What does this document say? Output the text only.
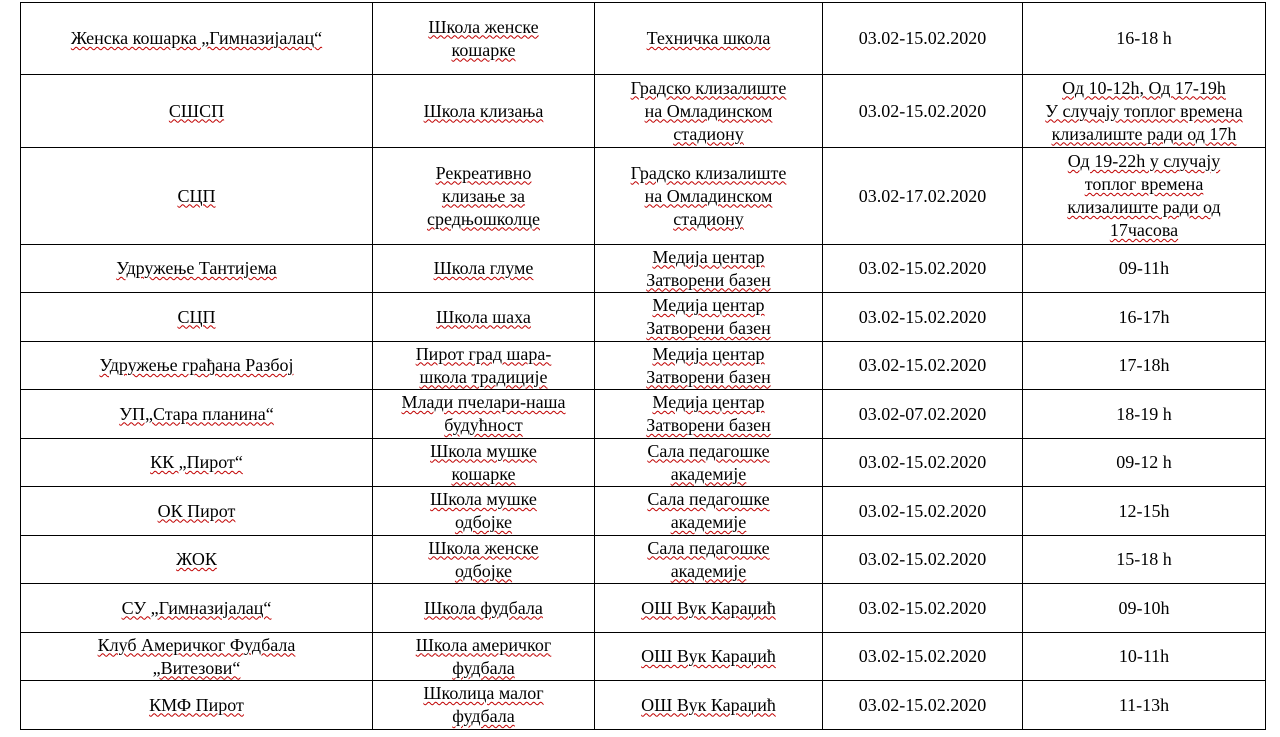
Женска кошарка „Гимназијалац“	Школа женске
кошарке	Техничка школа	03.02-15.02.2020	16-18 h
СШСП	Школа клизања	Градско клизалиште
на Омладинском
стадиону	03.02-15.02.2020	Од 10-12h, Од 17-19h
У случају топлог времена
клизалиште ради од 17h
СЦП	Рекреативно
клизање за
средњошколце	Градско клизалиште
на Омладинском
стадиону	03.02-17.02.2020	Од 19-22h у случају
топлог времена
клизалиште ради од
17часова
Удружење Тантијема	Школа глуме	Медија центар
Затворени базен	03.02-15.02.2020	09-11h
СЦП	Школа шаха	Медија центар
Затворени базен	03.02-15.02.2020	16-17h
Удружење грађана Разбој	Пирот град шара-
школа традиције	Медија центар
Затворени базен	03.02-15.02.2020	17-18h
УП„Стара планина“	Млади пчелари-наша
будућност	Медија центар
Затворени базен	03.02-07.02.2020	18-19 h
КК „Пирот“	Школа мушке
кошарке	Сала педагошке
академије	03.02-15.02.2020	09-12 h
ОК Пирот	Школа мушке
одбојке	Сала педагошке
академије	03.02-15.02.2020	12-15h
ЖОК	Школа женске
одбојке	Сала педагошке
академије	03.02-15.02.2020	15-18 h
СУ „Гимназијалац“	Школа фудбала	ОШ Вук Караџић	03.02-15.02.2020	09-10h
Клуб Америчког Фудбала
„Витезови“	Школа америчког
фудбала	ОШ Вук Караџић	03.02-15.02.2020	10-11h
КМФ Пирот	Школица малог
фудбала	ОШ Вук Караџић	03.02-15.02.2020	11-13h
